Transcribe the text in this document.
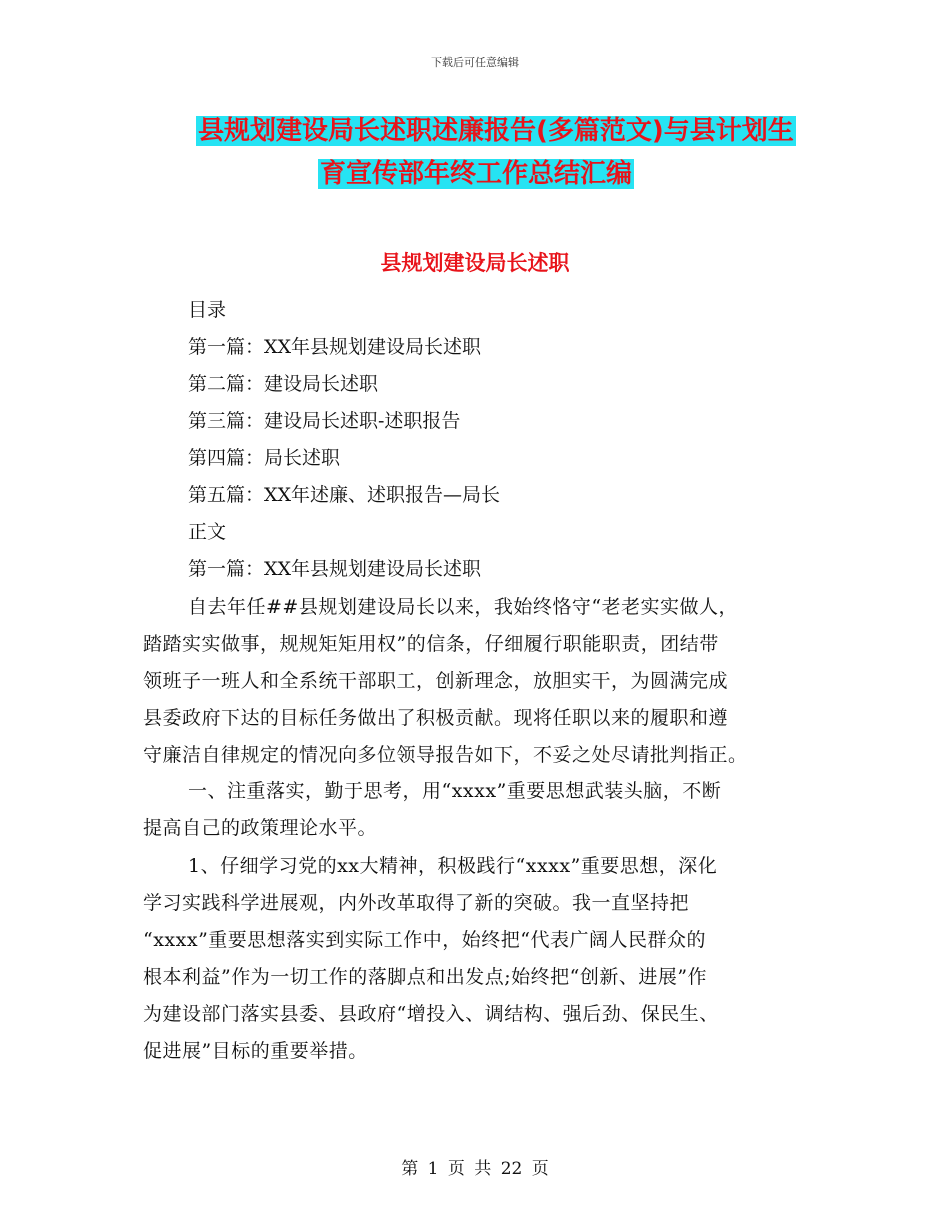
下载后可任意编辑
县规划建设局长述职述廉报告(多篇范文)与县计划生
育宣传部年终工作总结汇编
县规划建设局长述职
目录
第一篇：XX年县规划建设局长述职
第二篇：建设局长述职
第三篇：建设局长述职-述职报告
第四篇：局长述职
第五篇：XX年述廉、述职报告—局长
正文
第一篇：XX年县规划建设局长述职
自去年任##县规划建设局长以来，我始终恪守“老老实实做人，
踏踏实实做事，规规矩矩用权”的信条，仔细履行职能职责，团结带
领班子一班人和全系统干部职工，创新理念，放胆实干，为圆满完成
县委政府下达的目标任务做出了积极贡献。现将任职以来的履职和遵
守廉洁自律规定的情况向多位领导报告如下，不妥之处尽请批判指正。
一、注重落实，勤于思考，用“xxxx”重要思想武装头脑，不断
提高自己的政策理论水平。
1、仔细学习党的xx大精神，积极践行“xxxx”重要思想，深化
学习实践科学进展观，内外改革取得了新的突破。我一直坚持把
“xxxx”重要思想落实到实际工作中，始终把“代表广阔人民群众的
根本利益”作为一切工作的落脚点和出发点;始终把“创新、进展”作
为建设部门落实县委、县政府“增投入、调结构、强后劲、保民生、
促进展”目标的重要举措。
第 1 页 共 22 页
